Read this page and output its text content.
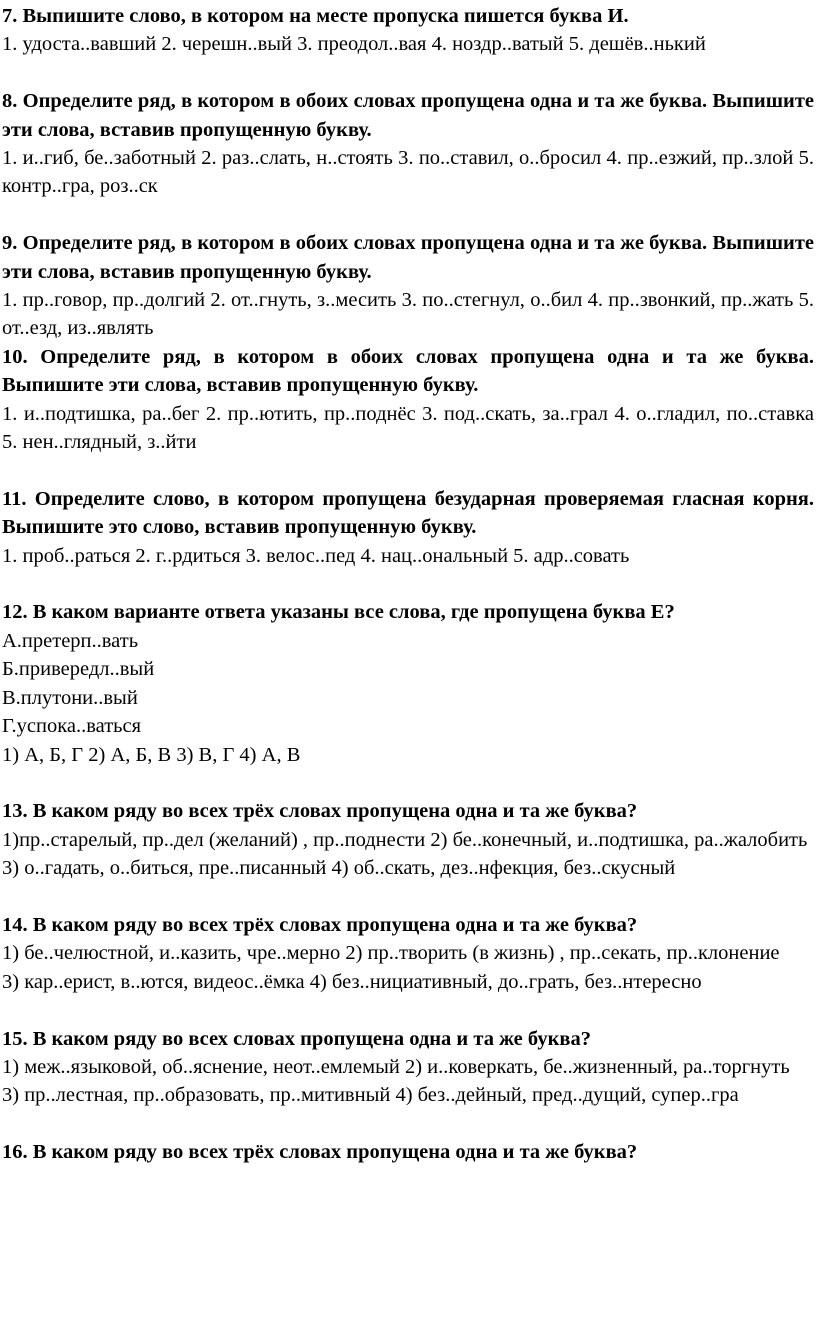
7. Выпишите слово, в котором на месте пропуска пишется буква И.
1. удоста..вавший 2. черешн..вый 3. преодол..вая 4. ноздр..ватый 5. дешёв..нький
8. Определите ряд, в котором в обоих словах пропущена одна и та же буква. Выпишите эти слова, вставив пропущенную букву.
1. и..гиб, бе..заботный 2. раз..слать, н..стоять 3. по..ставил, о..бросил 4. пр..езжий, пр..злой 5. контр..гра, роз..ск
9. Определите ряд, в котором в обоих словах пропущена одна и та же буква. Выпишите эти слова, вставив пропущенную букву.
1. пр..говор, пр..долгий 2. от..гнуть, з..месить 3. по..стегнул, о..бил 4. пр..звонкий, пр..жать 5. от..езд, из..являть
10. Определите ряд, в котором в обоих словах пропущена одна и та же буква. Выпишите эти слова, вставив пропущенную букву.
1. и..подтишка, ра..бег 2. пр..ютить, пр..поднёс 3. под..скать, за..грал 4. о..гладил, по..ставка 5. нен..глядный, з..йти
11. Определите слово, в котором пропущена безударная проверяемая гласная корня. Выпишите это слово, вставив пропущенную букву.
1. проб..раться 2. г..рдиться 3. велос..пед 4. нац..ональный 5. адр..совать
12. В каком варианте ответа указаны все слова, где пропущена буква Е?
А.претерп..вать
Б.привередл..вый
В.плутони..вый
Г.успока..ваться
1) А, Б, Г 2) А, Б, В 3) В, Г 4) А, В
13. В каком ряду во всех трёх словах пропущена одна и та же буква?
1)пр..старелый, пр..дел (желаний) , пр..поднести 2) бе..конечный, и..подтишка, ра..жалобить
3) о..гадать, о..биться, пре..писанный 4) об..скать, дез..нфекция, без..скусный
14. В каком ряду во всех трёх словах пропущена одна и та же буква?
1) бе..челюстной, и..казить, чре..мерно 2) пр..творить (в жизнь) , пр..секать, пр..клонение
3) кар..ерист, в..ются, видеос..ёмка 4) без..нициативный, до..грать, без..нтересно
15. В каком ряду во всех словах пропущена одна и та же буква?
1) меж..языковой, об..яснение, неот..емлемый 2) и..коверкать, бе..жизненный, ра..торгнуть
3) пр..лестная, пр..образовать, пр..митивный 4) без..дейный, пред..дущий, супер..гра
16. В каком ряду во всех трёх словах пропущена одна и та же буква?
